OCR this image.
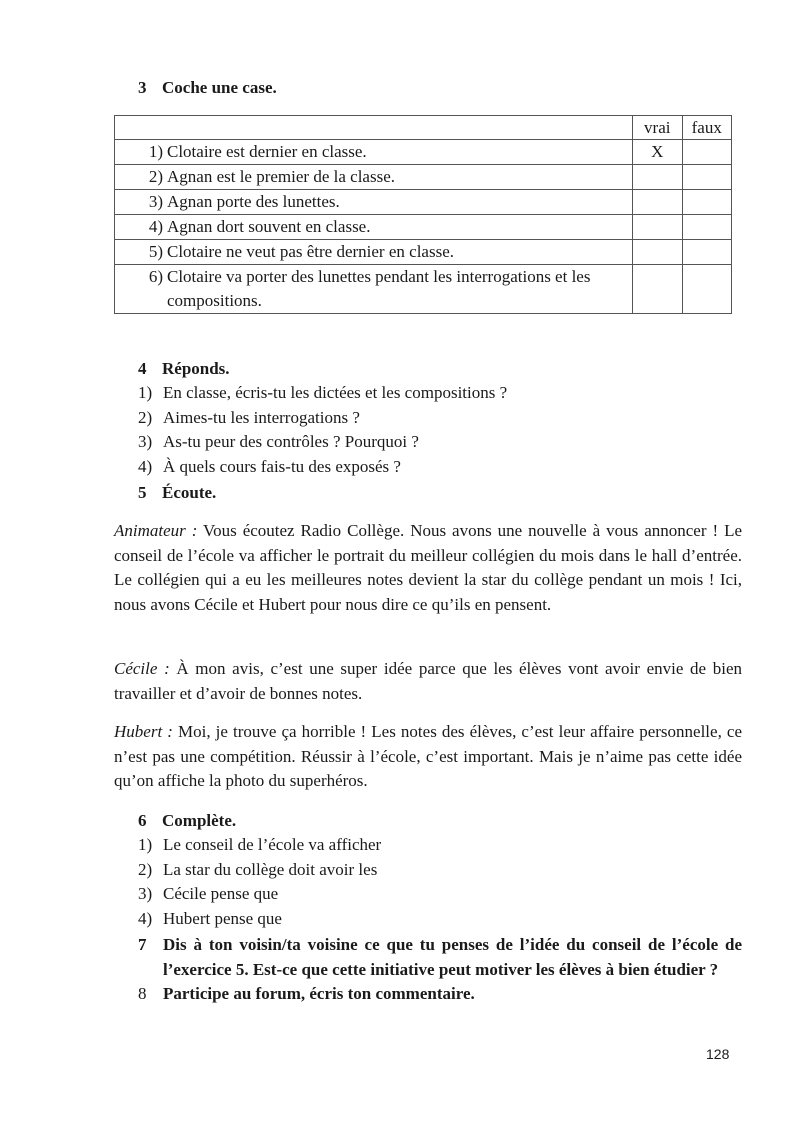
3 Coche une case.
	vrai	faux

1) Clotaire est dernier en classe.	X	

2) Agnan est le premier de la classe.		

3) Agnan porte des lunettes.		

4) Agnan dort souvent en classe.		

5) Clotaire ne veut pas être dernier en classe.		

6) Clotaire va porter des lunettes pendant les interrogations et les compositions.		

4 Réponds.
1) En classe, écris-tu les dictées et les compositions ?
2) Aimes-tu les interrogations ?
3) As-tu peur des contrôles ? Pourquoi ?
4) À quels cours fais-tu des exposés ?
5 Écoute.
Animateur : Vous écoutez Radio Collège. Nous avons une nouvelle à vous annoncer ! Le conseil de l’école va afficher le portrait du meilleur collégien du mois dans le hall d’entrée. Le collégien qui a eu les meilleures notes devient la star du collège pendant un mois ! Ici, nous avons Cécile et Hubert pour nous dire ce qu’ils en pensent.
Cécile : À mon avis, c’est une super idée parce que les élèves vont avoir envie de bien travailler et d’avoir de bonnes notes.
Hubert : Moi, je trouve ça horrible ! Les notes des élèves, c’est leur affaire personnelle, ce n’est pas une compétition. Réussir à l’école, c’est important. Mais je n’aime pas cette idée qu’on affiche la photo du superhéros.
6 Complète.
1) Le conseil de l’école va afficher
2) La star du collège doit avoir les
3) Cécile pense que
4) Hubert pense que
7 Dis à ton voisin/ta voisine ce que tu penses de l’idée du conseil de l’école de l’exercice 5. Est-ce que cette initiative peut motiver les élèves à bien étudier ?
8 Participe au forum, écris ton commentaire.
128
